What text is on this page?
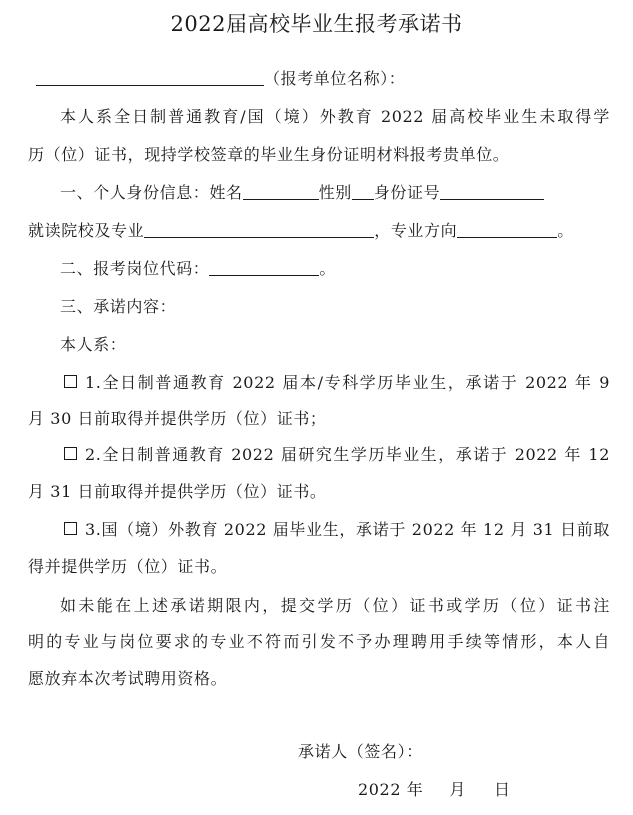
2022届高校毕业生报考承诺书
（报考单位名称）：
本人系全日制普通教育/国（境）外教育 2022 届高校毕业生未取得学
历（位）证书，现持学校签章的毕业生身份证明材料报考贵单位。
一、个人身份信息：姓名	性别 身份证号
就读院校及专业	，专业方向	。
二、报考岗位代码：	。
三、承诺内容：
本人系：
1.全日制普通教育 2022 届本/专科学历毕业生，承诺于 2022 年 9
月 30 日前取得并提供学历（位）证书；
2.全日制普通教育 2022 届研究生学历毕业生，承诺于 2022 年 12
月 31 日前取得并提供学历（位）证书。
3.国（境）外教育 2022 届毕业生，承诺于 2022 年 12 月 31 日前取
得并提供学历（位）证书。
如未能在上述承诺期限内，提交学历（位）证书或学历（位）证书注
明的专业与岗位要求的专业不符而引发不予办理聘用手续等情形，本人自
愿放弃本次考试聘用资格。
承诺人（签名）：
2022 年 月 日
